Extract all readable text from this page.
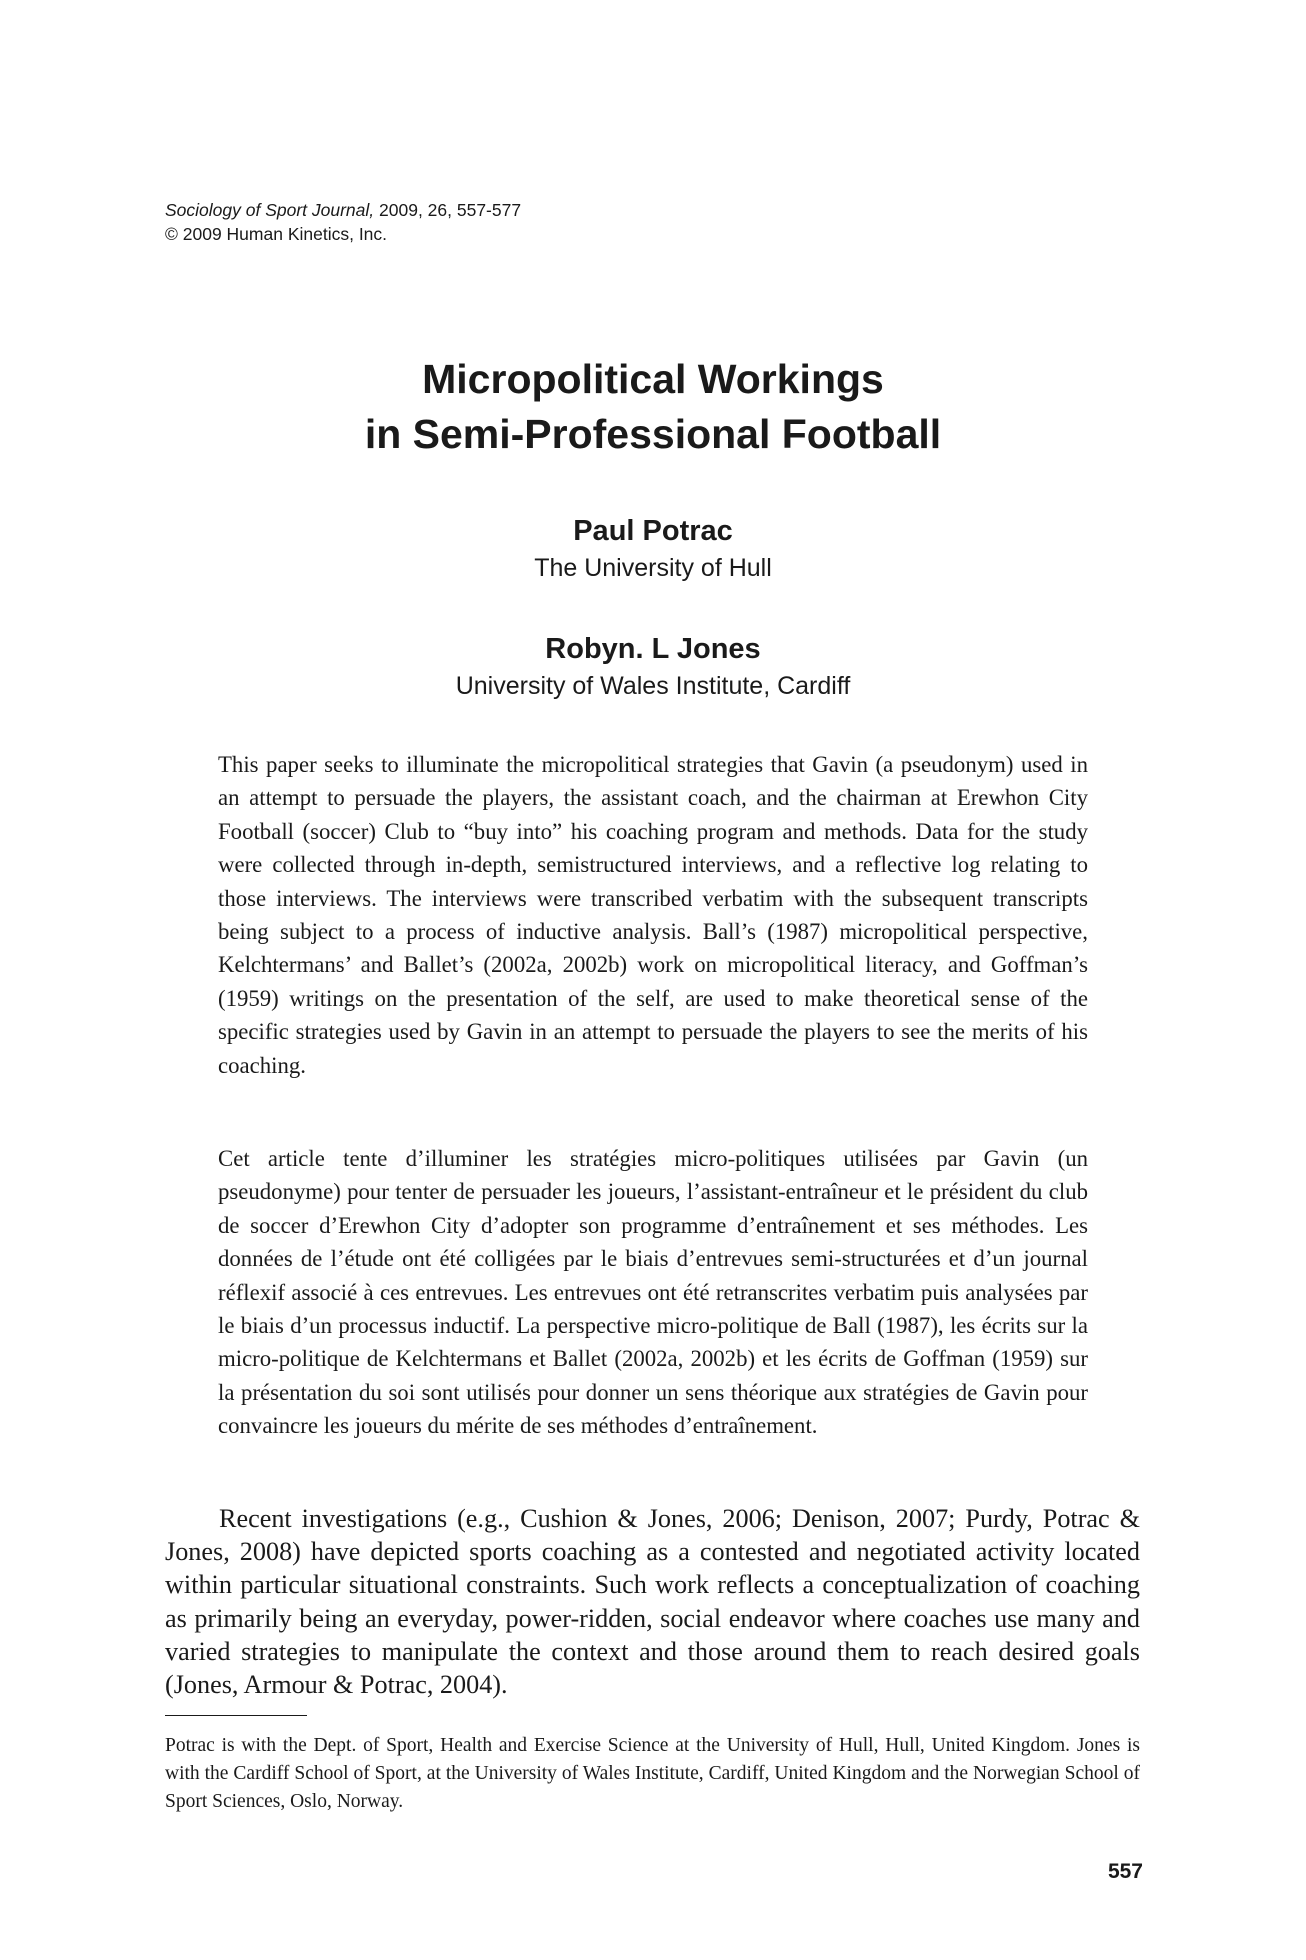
Sociology of Sport Journal, 2009, 26, 557-577
© 2009 Human Kinetics, Inc.
Micropolitical Workings
in Semi-Professional Football
Paul Potrac
The University of Hull
Robyn. L Jones
University of Wales Institute, Cardiff

This paper seeks to illuminate the micropolitical strategies that Gavin (a pseudonym) used in an attempt to persuade the players, the assistant coach, and the chairman at Erewhon City Football (soccer) Club to “buy into” his coaching program and methods. Data for the study were collected through in-depth, semistructured interviews, and a reflective log relating to those interviews. The interviews were transcribed verbatim with the subsequent transcripts being subject to a process of inductive analysis. Ball’s (1987) micropolitical perspective, Kelchtermans’ and Ballet’s (2002a, 2002b) work on micropolitical literacy, and Goffman’s (1959) writings on the presentation of the self, are used to make theoretical sense of the specific strategies used by Gavin in an attempt to persuade the players to see the merits of his coaching.

Cet article tente d’illuminer les stratégies micro-politiques utilisées par Gavin (un pseudonyme) pour tenter de persuader les joueurs, l’assistant-entraîneur et le président du club de soccer d’Erewhon City d’adopter son programme d’entraînement et ses méthodes. Les données de l’étude ont été colligées par le biais d’entrevues semi-structurées et d’un journal réflexif associé à ces entrevues. Les entrevues ont été retranscrites verbatim puis analysées par le biais d’un processus inductif. La perspective micro-politique de Ball (1987), les écrits sur la micro-politique de Kelchtermans et Ballet (2002a, 2002b) et les écrits de Goffman (1959) sur la présentation du soi sont utilisés pour donner un sens théorique aux stratégies de Gavin pour convaincre les joueurs du mérite de ses méthodes d’entraînement.

Recent investigations (e.g., Cushion & Jones, 2006; Denison, 2007; Purdy, Potrac & Jones, 2008) have depicted sports coaching as a contested and negotiated activity located within particular situational constraints. Such work reflects a conceptualization of coaching as primarily being an everyday, power-ridden, social endeavor where coaches use many and varied strategies to manipulate the context and those around them to reach desired goals (Jones, Armour & Potrac, 2004).

Potrac is with the Dept. of Sport, Health and Exercise Science at the University of Hull, Hull, United Kingdom. Jones is with the Cardiff School of Sport, at the University of Wales Institute, Cardiff, United Kingdom and the Norwegian School of Sport Sciences, Oslo, Norway.

557
